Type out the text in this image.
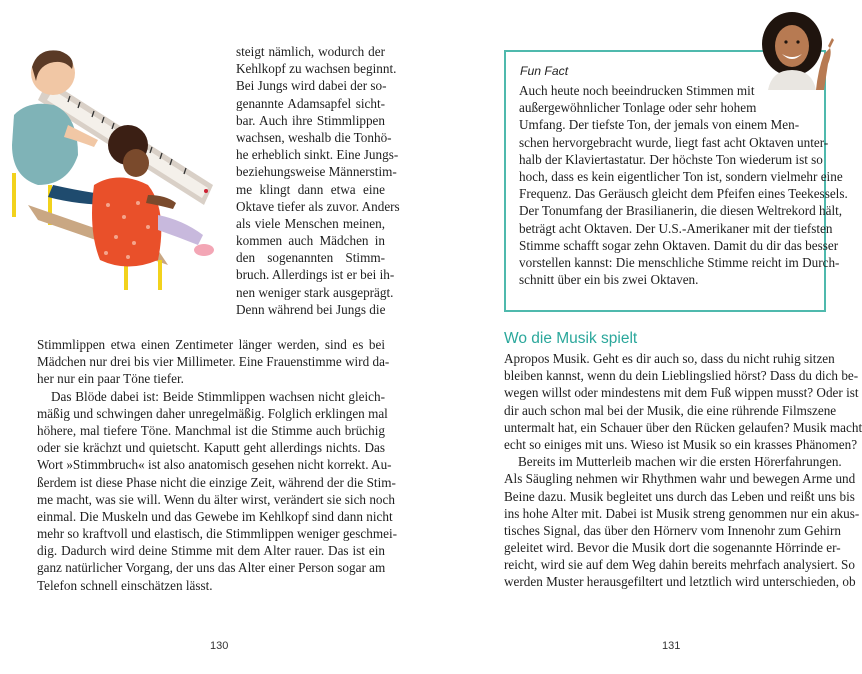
steigt nämlich, wodurch der
Kehlkopf zu wachsen beginnt.
Bei Jungs wird dabei der so-
genannte Adamsapfel sicht-
bar. Auch ihre Stimmlippen
wachsen, weshalb die Tonhö-
he erheblich sinkt. Eine Jungs-
beziehungsweise Männerstim-
me klingt dann etwa eine
Oktave tiefer als zuvor. Anders
als viele Menschen meinen,
kommen auch Mädchen in
den sogenannten Stimm-
bruch. Allerdings ist er bei ih-
nen weniger stark ausgeprägt.
Denn während bei Jungs die
Stimmlippen etwa einen Zentimeter länger werden, sind es bei
Mädchen nur drei bis vier Millimeter. Eine Frauenstimme wird da-
her nur ein paar Töne tiefer.
Das Blöde dabei ist: Beide Stimmlippen wachsen nicht gleich-
mäßig und schwingen daher unregelmäßig. Folglich erklingen mal
höhere, mal tiefere Töne. Manchmal ist die Stimme auch brüchig
oder sie krächzt und quietscht. Kaputt geht allerdings nichts. Das
Wort »Stimmbruch« ist also anatomisch gesehen nicht korrekt. Au-
ßerdem ist diese Phase nicht die einzige Zeit, während der die Stim-
me macht, was sie will. Wenn du älter wirst, verändert sie sich noch
einmal. Die Muskeln und das Gewebe im Kehlkopf sind dann nicht
mehr so kraftvoll und elastisch, die Stimmlippen weniger geschmei-
dig. Dadurch wird deine Stimme mit dem Alter rauer. Das ist ein
ganz natürlicher Vorgang, der uns das Alter einer Person sogar am
Telefon schnell einschätzen lässt.
130
Fun Fact
Auch heute noch beeindrucken Stimmen mit
außergewöhnlicher Tonlage oder sehr hohem
Umfang. Der tiefste Ton, der jemals von einem Men-
schen hervorgebracht wurde, liegt fast acht Oktaven unter-
halb der Klaviertastatur. Der höchste Ton wiederum ist so
hoch, dass es kein eigentlicher Ton ist, sondern vielmehr eine
Frequenz. Das Geräusch gleicht dem Pfeifen eines Teekessels.
Der Tonumfang der Brasilianerin, die diesen Weltrekord hält,
beträgt acht Oktaven. Der U.S.-Amerikaner mit der tiefsten
Stimme schafft sogar zehn Oktaven. Damit du dir das besser
vorstellen kannst: Die menschliche Stimme reicht im Durch-
schnitt über ein bis zwei Oktaven.
Wo die Musik spielt
Apropos Musik. Geht es dir auch so, dass du nicht ruhig sitzen
bleiben kannst, wenn du dein Lieblingslied hörst? Dass du dich be-
wegen willst oder mindestens mit dem Fuß wippen musst? Oder ist
dir auch schon mal bei der Musik, die eine rührende Filmszene
untermalt hat, ein Schauer über den Rücken gelaufen? Musik macht
echt so einiges mit uns. Wieso ist Musik so ein krasses Phänomen?
Bereits im Mutterleib machen wir die ersten Hörerfahrungen.
Als Säugling nehmen wir Rhythmen wahr und bewegen Arme und
Beine dazu. Musik begleitet uns durch das Leben und reißt uns bis
ins hohe Alter mit. Dabei ist Musik streng genommen nur ein akus-
tisches Signal, das über den Hörnerv vom Innenohr zum Gehirn
geleitet wird. Bevor die Musik dort die sogenannte Hörrinde er-
reicht, wird sie auf dem Weg dahin bereits mehrfach analysiert. So
werden Muster herausgefiltert und letztlich wird unterschieden, ob
131
